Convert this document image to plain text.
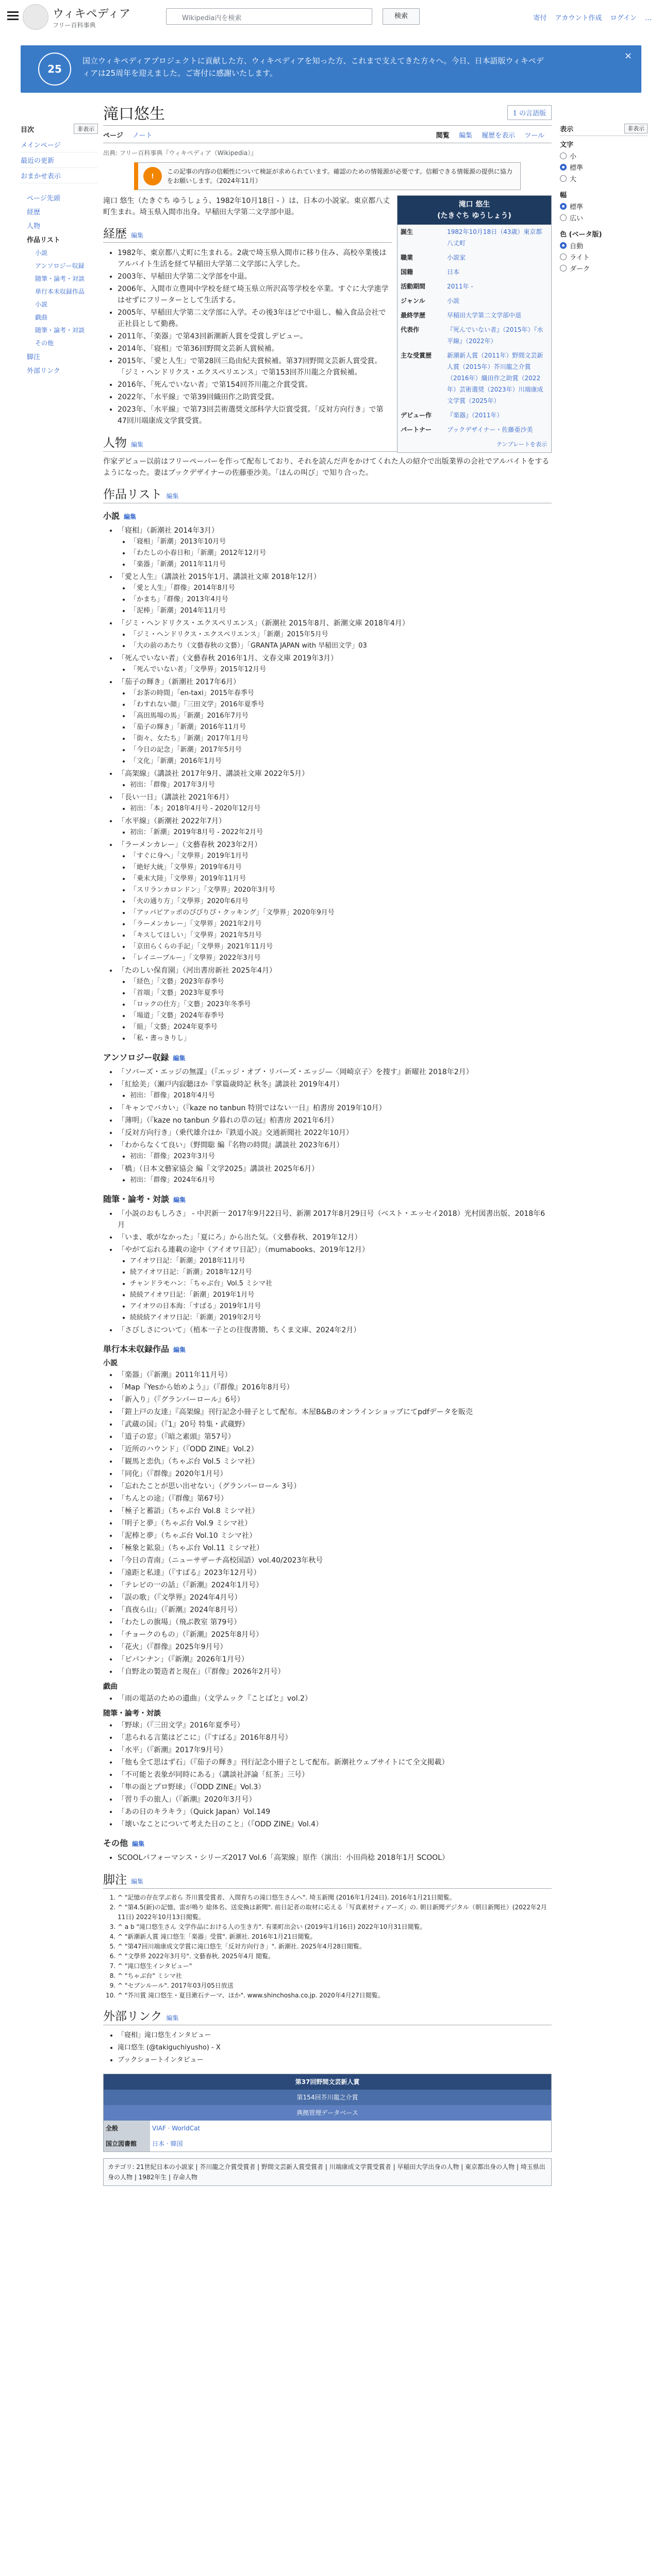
ウィキペディア
フリー百科事典
Wikipedia内を検索	検索	寄付 アカウント作成 ログイン …
25
国立ウィキペディアプロジェクトに貢献した方、ウィキペディアを知った方、これまで支えてきた方々へ。今日、日本語版ウィキペディアは25周年を迎えました。ご寄付に感謝いたします。
×
目次	非表示
メインページ
最近の更新
おまかせ表示
ページ先頭
経歴
人物
作品リスト
小説
アンソロジー収録
随筆・論考・対談
単行本未収録作品
小説
戯曲
随筆・論考・対談
その他
脚注
外部リンク
滝口悠生	1 の言語版
ページ ノート	閲覧 編集 履歴を表示 ツール
出典: フリー百科事典『ウィキペディア（Wikipedia）』
!
この記事の内容の信頼性について検証が求められています。確認のための情報源が必要です。信頼できる情報源の提供に協力をお願いします。（2024年11月）
滝口 悠生
(たきぐち ゆうしょう)
誕生	1982年10月18日（43歳）東京都八丈町
職業	小説家
国籍	日本
活動期間	2011年 -
ジャンル	小説
最終学歴	早稲田大学第二文学部中退
代表作	『死んでいない者』（2015年）『水平線』（2022年）
主な受賞歴	新潮新人賞（2011年）野間文芸新人賞（2015年）芥川龍之介賞（2016年）織田作之助賞（2022年）芸術選奨（2023年）川端康成文学賞（2025年）
デビュー作	『楽器』（2011年）
パートナー	ブックデザイナー・佐藤亜沙美
テンプレートを表示

滝口 悠生（たきぐち ゆうしょう、1982年10月18日 - ）は、日本の小説家。東京都八丈町生まれ。埼玉県入間市出身。早稲田大学第二文学部中退。

経歴 編集
• 1982年、東京都八丈町に生まれる。2歳で埼玉県入間市に移り住み、高校卒業後はアルバイト生活を経て早稲田大学第二文学部に入学した。
• 2003年、早稲田大学第二文学部を中退。
• 2006年、入間市立豊岡中学校を経て埼玉県立所沢高等学校を卒業。すぐに大学進学はせずにフリーターとして生活する。
• 2005年、早稲田大学第二文学部に入学。その後3年ほどで中退し、輸入食品会社で正社員として勤務。
• 2011年、「楽器」で第43回新潮新人賞を受賞しデビュー。
• 2014年、「寝相」で第36回野間文芸新人賞候補。
• 2015年、「愛と人生」で第28回三島由紀夫賞候補。第37回野間文芸新人賞受賞。「ジミ・ヘンドリクス・エクスペリエンス」で第153回芥川龍之介賞候補。
• 2016年、「死んでいない者」で第154回芥川龍之介賞受賞。
• 2022年、「水平線」で第39回織田作之助賞受賞。
• 2023年、「水平線」で第73回芸術選奨文部科学大臣賞受賞。「反対方向行き」で第47回川端康成文学賞受賞。
人物 編集

作家デビュー以前はフリーペーパーを作って配布しており、それを読んだ声をかけてくれた人の紹介で出版業界の会社でアルバイトをするようになった。妻はブックデザイナーの佐藤亜沙美。「ほんの叫び」で知り合った。

作品リスト 編集
小説 編集
• 「寝相」（新潮社 2014年3月）
• 「寝相」「新潮」2013年10月号
• 「わたしの小春日和」「新潮」2012年12月号
• 「楽器」「新潮」2011年11月号
• 「愛と人生」（講談社 2015年1月、講談社文庫 2018年12月）
• 「愛と人生」「群像」2014年8月号
• 「かまち」「群像」2013年4月号
• 「泥棒」「新潮」2014年11月号
• 「ジミ・ヘンドリクス・エクスペリエンス」（新潮社 2015年8月、新潮文庫 2018年4月）
• 「ジミ・ヘンドリクス・エクスペリエンス」「新潮」2015年5月号
• 「大の前のあたり（文藝春秋の文藝）」「GRANTA JAPAN with 早稲田文学」03
• 「死んでいない者」（文藝春秋 2016年1月、文春文庫 2019年3月）
• 「死んでいない者」「文學界」2015年12月号
• 「茄子の輝き」（新潮社 2017年6月）
• 「お茶の時間」「en-taxi」2015年春季号
• 「わすれない顔」「三田文学」2016年夏季号
• 「高田馬場の馬」「新潮」2016年7月号
• 「茄子の輝き」「新潮」2016年11月号
• 「街々、女たち」「新潮」2017年1月号
• 「今日の記念」「新潮」2017年5月号
• 「文化」「新潮」2016年1月号
• 「高架線」（講談社 2017年9月、講談社文庫 2022年5月）
• 初出：「群像」2017年3月号
• 「長い一日」（講談社 2021年6月）
• 初出：「本」2018年4月号 - 2020年12月号
• 「水平線」（新潮社 2022年7月）
• 初出：「新潮」2019年8月号 - 2022年2月号
• 「ラーメンカレー」（文藝春秋 2023年2月）
• 「すぐに身へ」「文學界」2019年1月号
• 「絶好大統」「文學界」2019年6月号
• 「乗末大陸」「文學界」2019年11月号
• 「スリランカロンドン」「文學界」2020年3月号
• 「火の通り方」「文學界」2020年6月号
• 「アッパピアッポのぴぴりぴ・クッキング」「文學界」2020年9月号
• 「ラーメンカレー」「文學界」2021年2月号
• 「キスしてほしい」「文學界」2021年5月号
• 「京田らくらの手記」「文學界」2021年11月号
• 「レイニーブルー」「文學界」2022年3月号
• 「たのしい保育園」（河出書房新社 2025年4月）
• 「経色」「文藝」2023年春季号
• 「首端」「文藝」2023年夏季号
• 「ロックの仕方」「文藝」2023年冬季号
• 「場道」「文藝」2024年春季号
• 「組」「文藝」2024年夏季号
• 「私・書っきりし」
アンソロジー収録 編集
• 「ソバーズ・エッジの無謀」（『エッジ・オブ・リバーズ・エッジ—〈岡崎京子〉を捜す』新曜社 2018年2月）
• 「紅絵美」（瀬戸内寂聴ほか『掌篇歳時記 秋冬』講談社 2019年4月）
• 初出：「群像」2018年4月号
• 「キャンでバカい」（『kaze no tanbun 特別ではない一日』柏書房 2019年10月）
• 「薄明」（『kaze no tanbun 夕暮れの草の冠』柏書房 2021年6月）
• 「反対方向行き」（乗代雄介ほか『鉄道小説』交通新聞社 2022年10月）
• 「わからなくて良い」（野間聡 編『名物の時間』講談社 2023年6月）
• 初出：「群像」2023年3月号
• 「橋」（日本文藝家協会 編『文学2025』講談社 2025年6月）
• 初出：「群像」2024年6月号
随筆・論考・対談 編集
• 「小説のおもしろさ」 - 中沢新一 2017年9月22日号、新潮 2017年8月29日号（ベスト・エッセイ2018）光村図書出版、2018年6月
• 「いま、歌がなかった」「夏にろ」から出た気。（文藝春秋、2019年12月）
• 「やがて忘れる連載の途中（アイオワ日記）」（mumabooks、2019年12月）
• アイオワ日記：「新潮」2018年11月号
• 続アイオワ日記：「新潮」2018年12月号
• チャンドラモハン：「ちゃぶ台」Vol.5 ミシマ社
• 続続アイオワ日記：「新潮」2019年1月号
• アイオワの日本海：「すばる」2019年1月号
• 続続続アイオワ日記：「新潮」2019年2月号
• 「さびしさについて」（植本一子との往復書簡、ちくま文庫、2024年2月）
単行本未収録作品 編集
小説
• 「楽器」（『新潮』2011年11月号）
• 「Map『Yesから始めよう』」（『群像』2016年8月号）
• 「新入り」（『グランパーロール』6号）
• 「鎧上戸の友達」『高架線』刊行記念小冊子として配布。本屋B&Bのオンラインショップにてpdfデータを販売
• 「武蔵の国」（『1』20号 特集・武蔵野）
• 「道子の窓」（『暗之素頭』第57号）
• 「近所のハウンド」（『ODD ZINE』Vol.2）
• 「観馬と恋仇」（ちゃぶ台 Vol.5 ミシマ社）
• 「同化」（『群像』2020年1月号）
• 「忘れたことが思い出せない」（グランパーロール 3号）
• 「ちんとの途」（『群像』第67号）
• 「極子と蓄語」（ちゃぶ台 Vol.8 ミシマ社）
• 「明子と夢」（ちゃぶ台 Vol.9 ミシマ社）
• 「泥棒と夢」（ちゃぶ台 Vol.10 ミシマ社）
• 「極象と鉱泉」（ちゃぶ台 Vol.11 ミシマ社）
• 「今日の青南」（ニューサザーチ高校国語）vol.40/2023年秋号
• 「遠距と私達」（『すばる』2023年12月号）
• 「テレビの一の話」（『新潮』2024年1月号）
• 「誤の歌」（『文學界』2024年4月号）
• 「真夜ら山」（『新潮』2024年8月号）
• 「わたしの旗場」（飛ぶ教室 第79号）
• 「チョークのもの」（『新潮』2025年8月号）
• 「花火」（『群像』2025年9月号）
• 「ピパンナン」（『新潮』2026年1月号）
• 「自野北の製造者と現在」（『群像』2026年2月号）
戯曲
• 「雨の電話のための遺曲」（文学ムック『ことばと』vol.2）
随筆・論考・対談
• 「野球」（『三田文学』2016年夏季号）
• 「悲られる言葉はどこに」（『すばる』2016年8月号）
• 「水平」（『新潮』2017年9月号）
• 「他も全て思はず石」（『茄子の輝き』刊行記念小冊子として配布。新潮社ウェブサイトにて全文掲載）
• 「不可能と表象が同時にある」（講談社評論「紅茶」三号）
• 「隼の面とプロ野球」（『ODD ZINE』Vol.3）
• 「習り手の旅人」（『新潮』2020年3月号）
• 「あの日のキラキラ」（Quick Japan）Vol.149
• 「壊いなことについて考えた日のこと」（『ODD ZINE』Vol.4）
その他 編集
• SCOOLパフォーマンス・シリーズ2017 Vol.6「高架線」原作（演出：小田尚稔 2018年1月 SCOOL）
脚注 編集
1. ^ "記憶の存在学ぶ者ら 芥川賞受賞者、入間育ちの滝口悠生さんへ". 埼玉新聞 (2016年1月24日). 2016年1月21日閲覧。
2. ^ "第4.5(新)の記憶、雷が鳴り 総体名、送変換は新聞". 前日記者の取材に応える「写真素材ティアーズ」の. 朝日新聞デジタル（朝日新聞社）(2022年2月11日) 2022年10月13日閲覧。
3. ^ a b "滝口悠生さん 文学作品における人の生き方". 有楽町出会い (2019年1月16日) 2022年10月31日閲覧。
4. ^ "新潮新人賞 滝口悠生「楽器」受賞". 新潮社. 2016年1月21日閲覧。
5. ^ "第47回川端康成文学賞に滝口悠生「反対方向行き」". 新潮社. 2025年4月28日閲覧。
6. ^ "文學界 2022年3月号". 文藝春秋. 2025年4月 閲覧。
7. ^ "滝口悠生インタビュー"
8. ^ "ちゃぶ台" ミシマ社
9. ^ "セブンルール". 2017年03月05日放送
10. ^ "芥川賞 滝口悠生・夏目漱石テーマ、ほか". www.shinchosha.co.jp. 2020年4月27日閲覧。
外部リンク 編集
• 「寝相」滝口悠生インタビュー
• 滝口悠生 (@takiguchiyusho) - X
• ブックショートインタビュー
第37回野間文芸新人賞
第154回芥川龍之介賞
典拠管理データベース
全般	VIAF · WorldCat
国立図書館	日本 · 韓国
カテゴリ: 21世紀日本の小説家 | 芥川龍之介賞受賞者 | 野間文芸新人賞受賞者 | 川端康成文学賞受賞者 | 早稲田大学出身の人物 | 東京都出身の人物 | 埼玉県出身の人物 | 1982年生 | 存命人物
表示	非表示
文字
小
標準
大
幅
標準
広い
色 (ベータ版)
自動
ライト
ダーク
